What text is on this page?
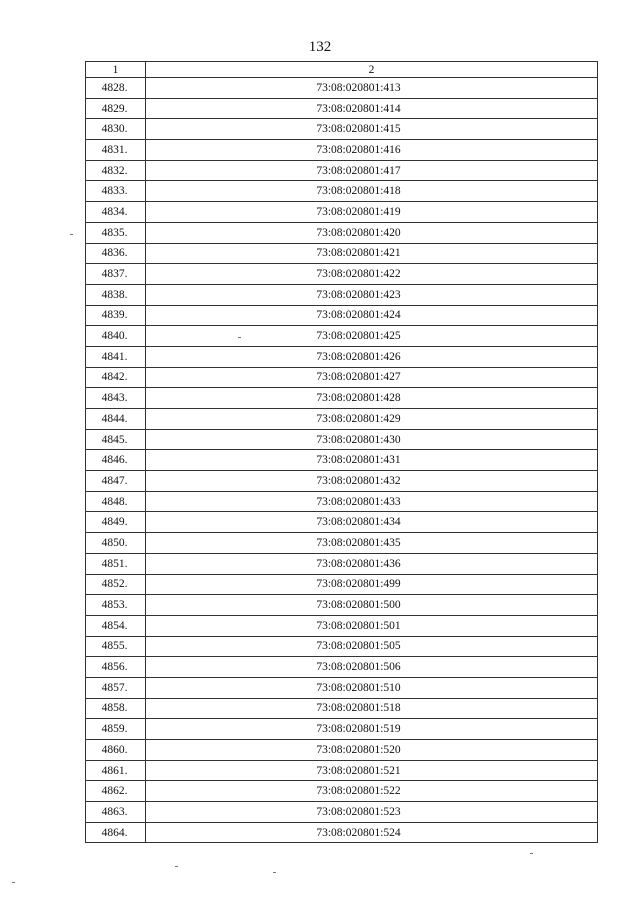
132
1	2
4828.	73:08:020801:413
4829.	73:08:020801:414
4830.	73:08:020801:415
4831.	73:08:020801:416
4832.	73:08:020801:417
4833.	73:08:020801:418
4834.	73:08:020801:419
4835.	73:08:020801:420
4836.	73:08:020801:421
4837.	73:08:020801:422
4838.	73:08:020801:423
4839.	73:08:020801:424
4840.	73:08:020801:425
4841.	73:08:020801:426
4842.	73:08:020801:427
4843.	73:08:020801:428
4844.	73:08:020801:429
4845.	73:08:020801:430
4846.	73:08:020801:431
4847.	73:08:020801:432
4848.	73:08:020801:433
4849.	73:08:020801:434
4850.	73:08:020801:435
4851.	73:08:020801:436
4852.	73:08:020801:499
4853.	73:08:020801:500
4854.	73:08:020801:501
4855.	73:08:020801:505
4856.	73:08:020801:506
4857.	73:08:020801:510
4858.	73:08:020801:518
4859.	73:08:020801:519
4860.	73:08:020801:520
4861.	73:08:020801:521
4862.	73:08:020801:522
4863.	73:08:020801:523
4864.	73:08:020801:524
